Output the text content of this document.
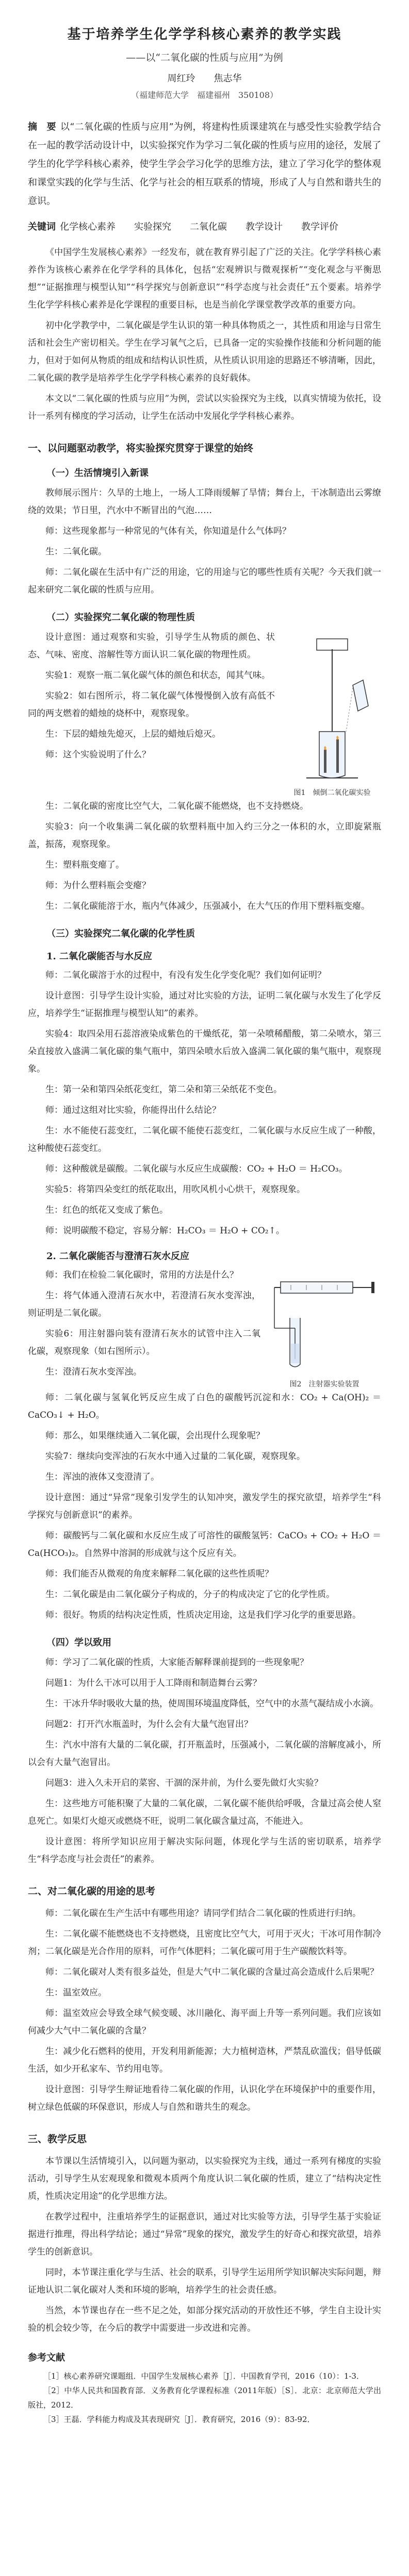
基于培养学生化学学科核心素养的教学实践
——以“二氧化碳的性质与应用”为例
周红玲　　焦志华
（福建师范大学　福建福州　350108）
摘　要 以“二氧化碳的性质与应用”为例，将建构性质课建筑在与感受性实验教学结合在一起的教学活动设计中，以实验探究作为学习二氧化碳的性质与应用的途径，发展了学生的化学学科核心素养，使学生学会学习化学的思维方法，建立了学习化学的整体观和课堂实践的化学与生活、化学与社会的相互联系的情境，形成了人与自然和谐共生的意识。
关键词 化学核心素养　　实验探究　　二氧化碳　　教学设计　　教学评价

《中国学生发展核心素养》一经发布，就在教育界引起了广泛的关注。化学学科核心素养作为该核心素养在化学学科的具体化，包括“宏观辨识与微观探析”“变化观念与平衡思想”“证据推理与模型认知”“科学探究与创新意识”“科学态度与社会责任”五个要素。培养学生化学学科核心素养是化学课程的重要目标，也是当前化学课堂教学改革的重要方向。

初中化学教学中，二氧化碳是学生认识的第一种具体物质之一，其性质和用途与日常生活和社会生产密切相关。学生在学习氧气之后，已具备一定的实验操作技能和分析问题的能力，但对于如何从物质的组成和结构认识性质，从性质认识用途的思路还不够清晰，因此，二氧化碳的教学是培养学生化学学科核心素养的良好载体。

本文以“二氧化碳的性质与应用”为例，尝试以实验探究为主线，以真实情境为依托，设计一系列有梯度的学习活动，让学生在活动中发展化学学科核心素养。

一、以问题驱动教学，将实验探究贯穿于课堂的始终
（一）生活情境引入新课

教师展示图片：久旱的土地上，一场人工降雨缓解了旱情；舞台上，干冰制造出云雾缭绕的效果；节日里，汽水中不断冒出的气泡……

师：这些现象都与一种常见的气体有关，你知道是什么气体吗？

生：二氧化碳。

师：二氧化碳在生活中有广泛的用途，它的用途与它的哪些性质有关呢？今天我们就一起来研究二氧化碳的性质与应用。

（二）实验探究二氧化碳的物理性质

设计意图：通过观察和实验，引导学生从物质的颜色、状态、气味、密度、溶解性等方面认识二氧化碳的物理性质。

实验1：观察一瓶二氧化碳气体的颜色和状态，闻其气味。

实验2：如右图所示，将二氧化碳气体慢慢倒入放有高低不同的两支燃着的蜡烛的烧杯中，观察现象。

生：下层的蜡烛先熄灭，上层的蜡烛后熄灭。

师：这个实验说明了什么？

图1　倾倒二氧化碳实验

生：二氧化碳的密度比空气大，二氧化碳不能燃烧，也不支持燃烧。

实验3：向一个收集满二氧化碳的软塑料瓶中加入约三分之一体积的水，立即旋紧瓶盖，振荡，观察现象。

生：塑料瓶变瘪了。

师：为什么塑料瓶会变瘪？

生：二氧化碳能溶于水，瓶内气体减少，压强减小，在大气压的作用下塑料瓶变瘪。

（三）实验探究二氧化碳的化学性质
1. 二氧化碳能否与水反应

师：二氧化碳溶于水的过程中，有没有发生化学变化呢？我们如何证明？

设计意图：引导学生设计实验，通过对比实验的方法，证明二氧化碳与水发生了化学反应，培养学生“证据推理与模型认知”的素养。

实验4：取四朵用石蕊溶液染成紫色的干燥纸花，第一朵喷稀醋酸，第二朵喷水，第三朵直接放入盛满二氧化碳的集气瓶中，第四朵喷水后放入盛满二氧化碳的集气瓶中，观察现象。

生：第一朵和第四朵纸花变红，第二朵和第三朵纸花不变色。

师：通过这组对比实验，你能得出什么结论？

生：水不能使石蕊变红，二氧化碳不能使石蕊变红，二氧化碳与水反应生成了一种酸，这种酸使石蕊变红。

师：这种酸就是碳酸。二氧化碳与水反应生成碳酸：CO₂ + H₂O ＝ H₂CO₃。

实验5：将第四朵变红的纸花取出，用吹风机小心烘干，观察现象。

生：红色的纸花又变成了紫色。

师：说明碳酸不稳定，容易分解：H₂CO₃ ＝ H₂O + CO₂↑。

2. 二氧化碳能否与澄清石灰水反应

师：我们在检验二氧化碳时，常用的方法是什么？

生：将气体通入澄清石灰水中，若澄清石灰水变浑浊，则证明是二氧化碳。

实验6：用注射器向装有澄清石灰水的试管中注入二氧化碳，观察现象（如右图所示）。

生：澄清石灰水变浑浊。

图2　注射器实验装置

师：二氧化碳与氢氧化钙反应生成了白色的碳酸钙沉淀和水：CO₂ + Ca(OH)₂ ＝ CaCO₃↓ + H₂O。

师：那么，如果继续通入二氧化碳，会出现什么现象呢？

实验7：继续向变浑浊的石灰水中通入过量的二氧化碳，观察现象。

生：浑浊的液体又变澄清了。

设计意图：通过“异常”现象引发学生的认知冲突，激发学生的探究欲望，培养学生“科学探究与创新意识”的素养。

师：碳酸钙与二氧化碳和水反应生成了可溶性的碳酸氢钙：CaCO₃ + CO₂ + H₂O ＝ Ca(HCO₃)₂。自然界中溶洞的形成就与这个反应有关。

师：我们能否从微观的角度来解释二氧化碳的这些性质呢？

生：二氧化碳是由二氧化碳分子构成的，分子的构成决定了它的化学性质。

师：很好。物质的结构决定性质，性质决定用途，这是我们学习化学的重要思路。

（四）学以致用

师：学习了二氧化碳的性质，大家能否解释课前提到的一些现象呢？

问题1：为什么干冰可以用于人工降雨和制造舞台云雾？

生：干冰升华时吸收大量的热，使周围环境温度降低，空气中的水蒸气凝结成小水滴。

问题2：打开汽水瓶盖时，为什么会有大量气泡冒出？

生：汽水中溶有大量的二氧化碳，打开瓶盖时，压强减小，二氧化碳的溶解度减小，所以会有大量气泡冒出。

问题3：进入久未开启的菜窖、干涸的深井前，为什么要先做灯火实验？

生：这些地方可能积聚了大量的二氧化碳，二氧化碳不能供给呼吸，含量过高会使人窒息死亡。如果灯火熄灭或燃烧不旺，说明二氧化碳含量过高，不能进入。

设计意图：将所学知识应用于解决实际问题，体现化学与生活的密切联系，培养学生“科学态度与社会责任”的素养。

二、对二氧化碳的用途的思考

师：二氧化碳在生产生活中有哪些用途？请同学们结合二氧化碳的性质进行归纳。

生：二氧化碳不能燃烧也不支持燃烧，且密度比空气大，可用于灭火；干冰可用作制冷剂；二氧化碳是光合作用的原料，可作气体肥料；二氧化碳可用于生产碳酸饮料等。

师：二氧化碳对人类有很多益处，但是大气中二氧化碳的含量过高会造成什么后果呢？

生：温室效应。

师：温室效应会导致全球气候变暖、冰川融化、海平面上升等一系列问题。我们应该如何减少大气中二氧化碳的含量？

生：减少化石燃料的使用，开发利用新能源；大力植树造林，严禁乱砍滥伐；倡导低碳生活，如少开私家车、节约用电等。

设计意图：引导学生辩证地看待二氧化碳的作用，认识化学在环境保护中的重要作用，树立绿色低碳的环保意识，形成人与自然和谐共生的观念。

三、教学反思

本节课以生活情境引入，以问题为驱动，以实验探究为主线，通过一系列有梯度的实验活动，引导学生从宏观现象和微观本质两个角度认识二氧化碳的性质，建立了“结构决定性质，性质决定用途”的化学思维方法。

在教学过程中，注重培养学生的证据意识，通过对比实验等方法，引导学生基于实验证据进行推理，得出科学结论；通过“异常”现象的探究，激发学生的好奇心和探究欲望，培养学生的创新意识。

同时，本节课注重化学与生活、社会的联系，引导学生运用所学知识解决实际问题，辩证地认识二氧化碳对人类和环境的影响，培养学生的社会责任感。

当然，本节课也存在一些不足之处，如部分探究活动的开放性还不够，学生自主设计实验的机会较少等，在今后的教学中需要进一步改进和完善。

参考文献

［1］核心素养研究课题组．中国学生发展核心素养［J］．中国教育学刊，2016（10）：1-3．

［2］中华人民共和国教育部．义务教育化学课程标准（2011年版）［S］．北京：北京师范大学出版社，2012．

［3］王磊．学科能力构成及其表现研究［J］．教育研究，2016（9）：83-92．
